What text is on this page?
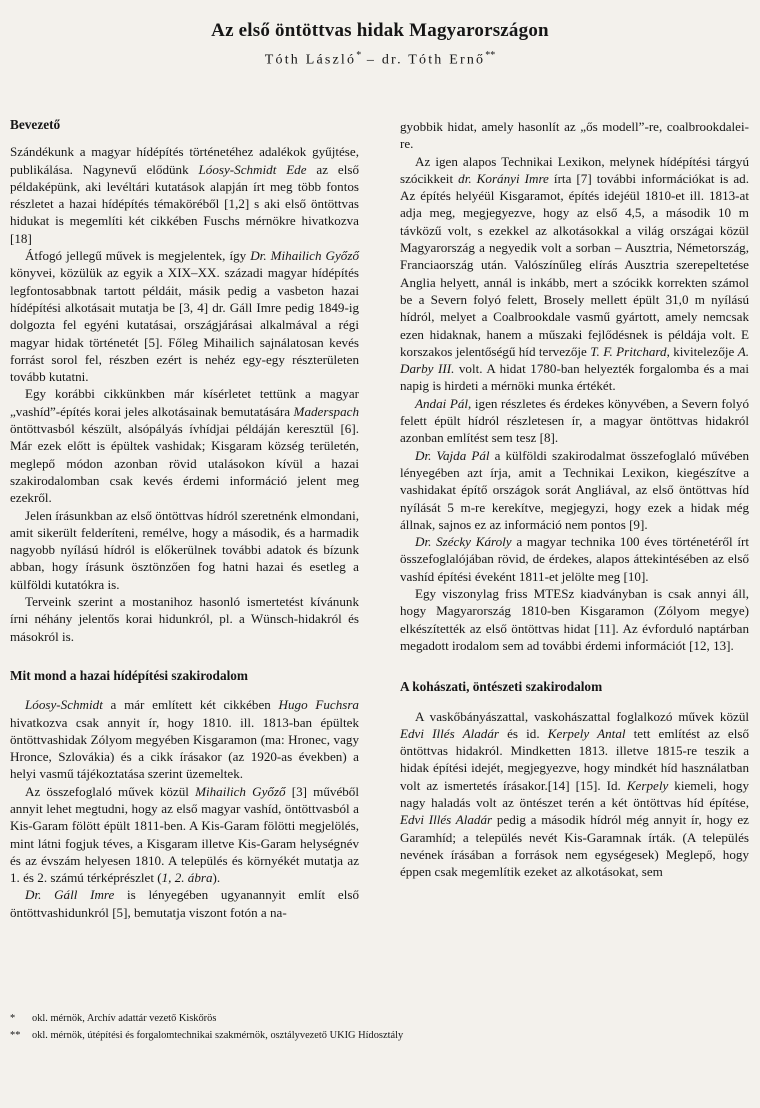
Az első öntöttvas hidak Magyarországon
Tóth László* – dr. Tóth Ernő**
Bevezető

Szándékunk a magyar hídépítés történetéhez adalékok gyűjtése, publikálása. Nagynevű elődünk Lóosy-Schmidt Ede az első példaképünk, aki levéltári kutatások alapján írt meg több fontos részletet a hazai hídépítés témaköréből [1,2] s aki első öntöttvas hidukat is megemlíti két cikkében Fuschs mérnökre hivatkozva [18]

Átfogó jellegű művek is megjelentek, így Dr. Mihailich Győző könyvei, közülük az egyik a XIX–XX. századi magyar hídépítés legfontosabbnak tartott példáit, másik pedig a vasbeton hazai hídépítési alkotásait mutatja be [3, 4] dr. Gáll Imre pedig 1849-ig dolgozta fel egyéni kutatásai, országjárásai alkalmával a régi magyar hidak történetét [5]. Főleg Mihailich sajnálatosan kevés forrást sorol fel, részben ezért is nehéz egy-egy részterületen tovább kutatni.

Egy korábbi cikkünkben már kísérletet tettünk a magyar „vashíd”-építés korai jeles alkotásainak bemutatására Maderspach öntöttvasból készült, alsópályás ívhídjai példáján keresztül [6]. Már ezek előtt is épültek vashidak; Kisgaram község területén, meglepő módon azonban rövid utalásokon kívül a hazai szakirodalomban csak kevés érdemi információ jelent meg ezekről.

Jelen írásunkban az első öntöttvas hídról szeretnénk elmondani, amit sikerült felderíteni, remélve, hogy a második, és a harmadik nagyobb nyílású hídról is előkerülnek további adatok és bízunk abban, hogy írásunk ösztönzően fog hatni hazai és esetleg a külföldi kutatókra is.

Terveink szerint a mostanihoz hasonló ismertetést kívánunk írni néhány jelentős korai hidunkról, pl. a Wünsch-hidakról és másokról is.

Mit mond a hazai hídépítési szakirodalom

Lóosy-Schmidt a már említett két cikkében Hugo Fuchsra hivatkozva csak annyit ír, hogy 1810. ill. 1813-ban épültek öntöttvashidak Zólyom megyében Kisgaramon (ma: Hronec, vagy Hronce, Szlovákia) és a cikk írásakor (az 1920-as években) a helyi vasmű tájékoztatása szerint üzemeltek.

Az összefoglaló művek közül Mihailich Győző [3] művéből annyit lehet megtudni, hogy az első magyar vashíd, öntöttvasból a Kis-Garam fölött épült 1811-ben. A Kis-Garam fölötti megjelölés, mint látni fogjuk téves, a Kisgaram illetve Kis-Garam helységnév és az évszám helyesen 1810. A település és környékét mutatja az 1. és 2. számú térképrészlet (1, 2. ábra).

Dr. Gáll Imre is lényegében ugyanannyit említ első öntöttvashidunkról [5], bemutatja viszont fotón a na-

gyobbik hidat, amely hasonlít az „ős modell”-re, coalbrookdalei-re.

Az igen alapos Technikai Lexikon, melynek hídépítési tárgyú szócikkeit dr. Korányi Imre írta [7] további információkat is ad. Az építés helyéül Kisgaramot, építés idejéül 1810-et ill. 1813-at adja meg, megjegyezve, hogy az első 4,5, a második 10 m távközű volt, s ezekkel az alkotásokkal a világ országai közül Magyarország a negyedik volt a sorban – Ausztria, Németország, Franciaország után. Valószínűleg elírás Ausztria szerepeltetése Anglia helyett, annál is inkább, mert a szócikk korrekten számol be a Severn folyó felett, Brosely mellett épült 31,0 m nyílású hídról, melyet a Coalbrookdale vasmű gyártott, amely nemcsak ezen hidaknak, hanem a műszaki fejlődésnek is példája volt. E korszakos jelentőségű híd tervezője T. F. Pritchard, kivitelezője A. Darby III. volt. A hidat 1780-ban helyezték forgalomba és a mai napig is hirdeti a mérnöki munka értékét.

Andai Pál, igen részletes és érdekes könyvében, a Severn folyó felett épült hídról részletesen ír, a magyar öntöttvas hidakról azonban említést sem tesz [8].

Dr. Vajda Pál a külföldi szakirodalmat összefoglaló művében lényegében azt írja, amit a Technikai Lexikon, kiegészítve a vashidakat építő országok sorát Angliával, az első öntöttvas híd nyílását 5 m-re kerekítve, megjegyzi, hogy ezek a hidak még állnak, sajnos ez az információ nem pontos [9].

Dr. Szécky Károly a magyar technika 100 éves történetéről írt összefoglalójában rövid, de érdekes, alapos áttekintésében az első vashíd építési éveként 1811-et jelölte meg [10].

Egy viszonylag friss MTESz kiadványban is csak annyi áll, hogy Magyarország 1810-ben Kisgaramon (Zólyom megye) elkészítették az első öntöttvas hidat [11]. Az évforduló naptárban megadott irodalom sem ad további érdemi információt [12, 13].

A kohászati, öntészeti szakirodalom

A vaskőbányászattal, vaskohászattal foglalkozó művek közül Edvi Illés Aladár és id. Kerpely Antal tett említést az első öntöttvas hidakról. Mindketten 1813. illetve 1815-re teszik a hidak építési idejét, megjegyezve, hogy mindkét híd használatban volt az ismertetés írásakor.[14] [15]. Id. Kerpely kiemeli, hogy nagy haladás volt az öntészet terén a két öntöttvas híd építése, Edvi Illés Aladár pedig a második hídról még annyit ír, hogy ez Garamhíd; a település nevét Kis-Garamnak írták. (A település nevének írásában a források nem egységesek) Meglepő, hogy éppen csak megemlítik ezeket az alkotásokat, sem

*	okl. mérnök, Archív adattár vezető Kiskőrös
**	okl. mérnök, útépítési és forgalomtechnikai szakmérnök, osztályvezető UKIG Hídosztály
